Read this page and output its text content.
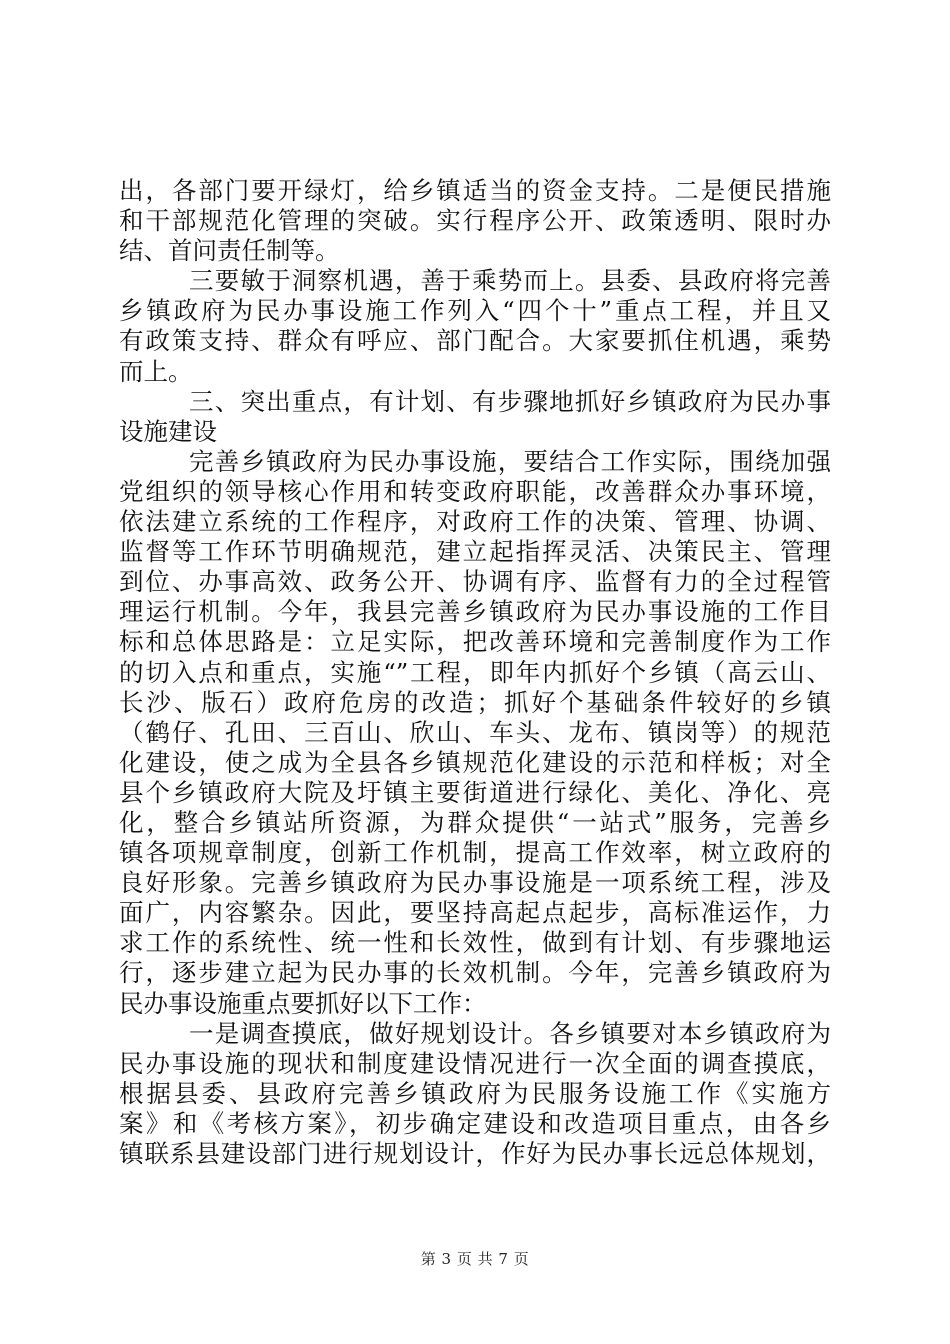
出，各部门要开绿灯，给乡镇适当的资金支持。二是便民措施
和干部规范化管理的突破。实行程序公开、政策透明、限时办
结、首问责任制等。
三要敏于洞察机遇，善于乘势而上。县委、县政府将完善
乡镇政府为民办事设施工作列入“四个十”重点工程，并且又
有政策支持、群众有呼应、部门配合。大家要抓住机遇，乘势
而上。
三、突出重点，有计划、有步骤地抓好乡镇政府为民办事
设施建设
完善乡镇政府为民办事设施，要结合工作实际，围绕加强
党组织的领导核心作用和转变政府职能，改善群众办事环境，
依法建立系统的工作程序，对政府工作的决策、管理、协调、
监督等工作环节明确规范，建立起指挥灵活、决策民主、管理
到位、办事高效、政务公开、协调有序、监督有力的全过程管
理运行机制。今年，我县完善乡镇政府为民办事设施的工作目
标和总体思路是：立足实际，把改善环境和完善制度作为工作
的切入点和重点，实施“”工程，即年内抓好个乡镇（高云山、
长沙、版石）政府危房的改造；抓好个基础条件较好的乡镇
（鹤仔、孔田、三百山、欣山、车头、龙布、镇岗等）的规范
化建设，使之成为全县各乡镇规范化建设的示范和样板；对全
县个乡镇政府大院及圩镇主要街道进行绿化、美化、净化、亮
化，整合乡镇站所资源，为群众提供“一站式”服务，完善乡
镇各项规章制度，创新工作机制，提高工作效率，树立政府的
良好形象。完善乡镇政府为民办事设施是一项系统工程，涉及
面广，内容繁杂。因此，要坚持高起点起步，高标准运作，力
求工作的系统性、统一性和长效性，做到有计划、有步骤地运
行，逐步建立起为民办事的长效机制。今年，完善乡镇政府为
民办事设施重点要抓好以下工作：
一是调查摸底，做好规划设计。各乡镇要对本乡镇政府为
民办事设施的现状和制度建设情况进行一次全面的调查摸底，
根据县委、县政府完善乡镇政府为民服务设施工作《实施方
案》和《考核方案》，初步确定建设和改造项目重点，由各乡
镇联系县建设部门进行规划设计，作好为民办事长远总体规划，
第 3 页 共 7 页
